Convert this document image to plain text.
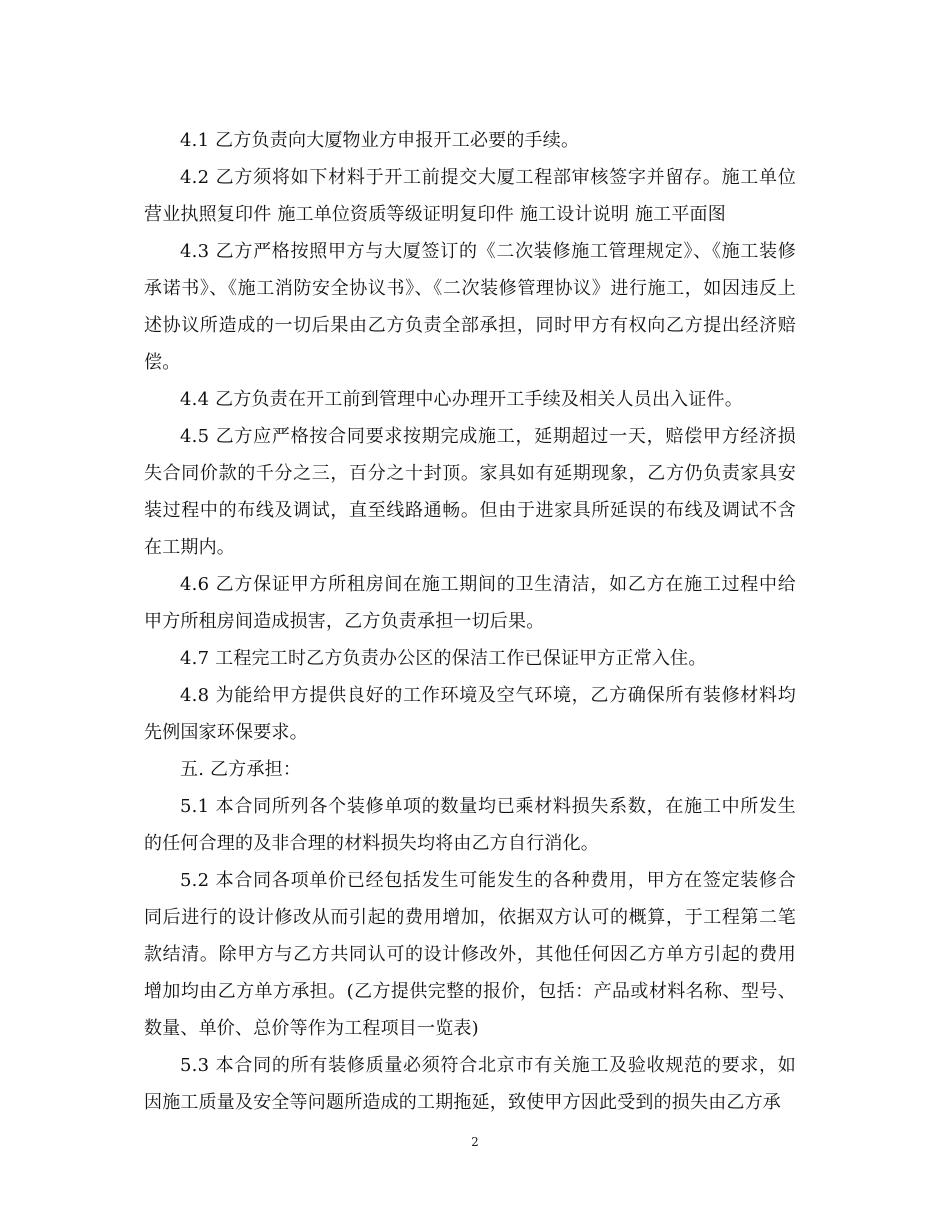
4.1 乙方负责向大厦物业方申报开工必要的手续。

4.2 乙方须将如下材料于开工前提交大厦工程部审核签字并留存。施工单位营业执照复印件 施工单位资质等级证明复印件 施工设计说明 施工平面图

4.3 乙方严格按照甲方与大厦签订的《二次装修施工管理规定》、《施工装修承诺书》、《施工消防安全协议书》、《二次装修管理协议》进行施工，如因违反上述协议所造成的一切后果由乙方负责全部承担，同时甲方有权向乙方提出经济赔偿。

4.4 乙方负责在开工前到管理中心办理开工手续及相关人员出入证件。

4.5 乙方应严格按合同要求按期完成施工，延期超过一天，赔偿甲方经济损失合同价款的千分之三，百分之十封顶。家具如有延期现象，乙方仍负责家具安装过程中的布线及调试，直至线路通畅。但由于进家具所延误的布线及调试不含在工期内。

4.6 乙方保证甲方所租房间在施工期间的卫生清洁，如乙方在施工过程中给甲方所租房间造成损害，乙方负责承担一切后果。

4.7 工程完工时乙方负责办公区的保洁工作已保证甲方正常入住。

4.8 为能给甲方提供良好的工作环境及空气环境，乙方确保所有装修材料均先例国家环保要求。

五. 乙方承担：

5.1 本合同所列各个装修单项的数量均已乘材料损失系数，在施工中所发生的任何合理的及非合理的材料损失均将由乙方自行消化。

5.2 本合同各项单价已经包括发生可能发生的各种费用，甲方在签定装修合同后进行的设计修改从而引起的费用增加，依据双方认可的概算，于工程第二笔款结清。除甲方与乙方共同认可的设计修改外，其他任何因乙方单方引起的费用增加均由乙方单方承担。(乙方提供完整的报价，包括：产品或材料名称、型号、数量、单价、总价等作为工程项目一览表)

5.3 本合同的所有装修质量必须符合北京市有关施工及验收规范的要求，如因施工质量及安全等问题所造成的工期拖延，致使甲方因此受到的损失由乙方承

2
